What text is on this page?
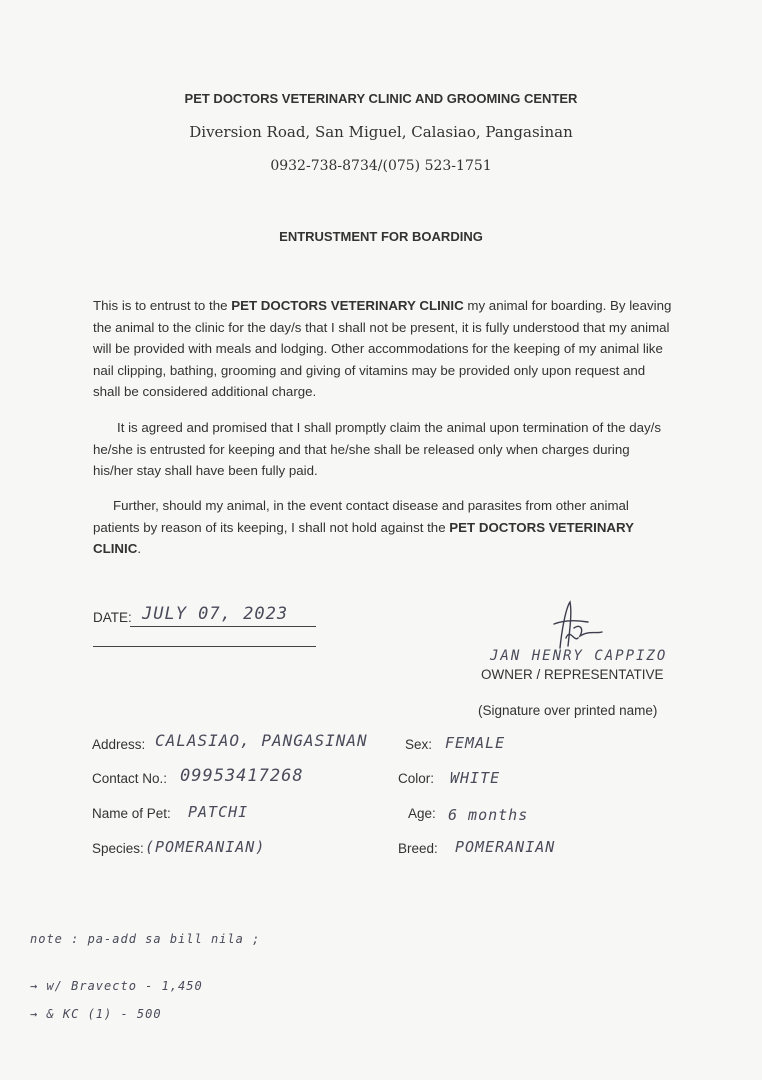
PET DOCTORS VETERINARY CLINIC AND GROOMING CENTER
Diversion Road, San Miguel, Calasiao, Pangasinan
0932-738-8734/(075) 523-1751
ENTRUSTMENT FOR BOARDING

This is to entrust to the PET DOCTORS VETERINARY CLINIC my animal for boarding. By leaving the animal to the clinic for the day/s that I shall not be present, it is fully understood that my animal will be provided with meals and lodging. Other accommodations for the keeping of my animal like nail clipping, bathing, grooming and giving of vitamins may be provided only upon request and shall be considered additional charge.

It is agreed and promised that I shall promptly claim the animal upon termination of the day/s he/she is entrusted for keeping and that he/she shall be released only when charges during his/her stay shall have been fully paid.

Further, should my animal, in the event contact disease and parasites from other animal patients by reason of its keeping, I shall not hold against the PET DOCTORS VETERINARY CLINIC.

DATE: JULY 07, 2023
JAN HENRY CAPPIZO
OWNER / REPRESENTATIVE
(Signature over printed name)
Address: CALASIAO, PANGASINAN
Contact No.: 09953417268
Name of Pet: PATCHI
Species: (POMERANIAN)
Sex: FEMALE
Color: WHITE
Age: 6 months
Breed: POMERANIAN
note : pa-add sa bill nila ;
→ w/ Bravecto - 1,450
→ & KC (1) - 500
